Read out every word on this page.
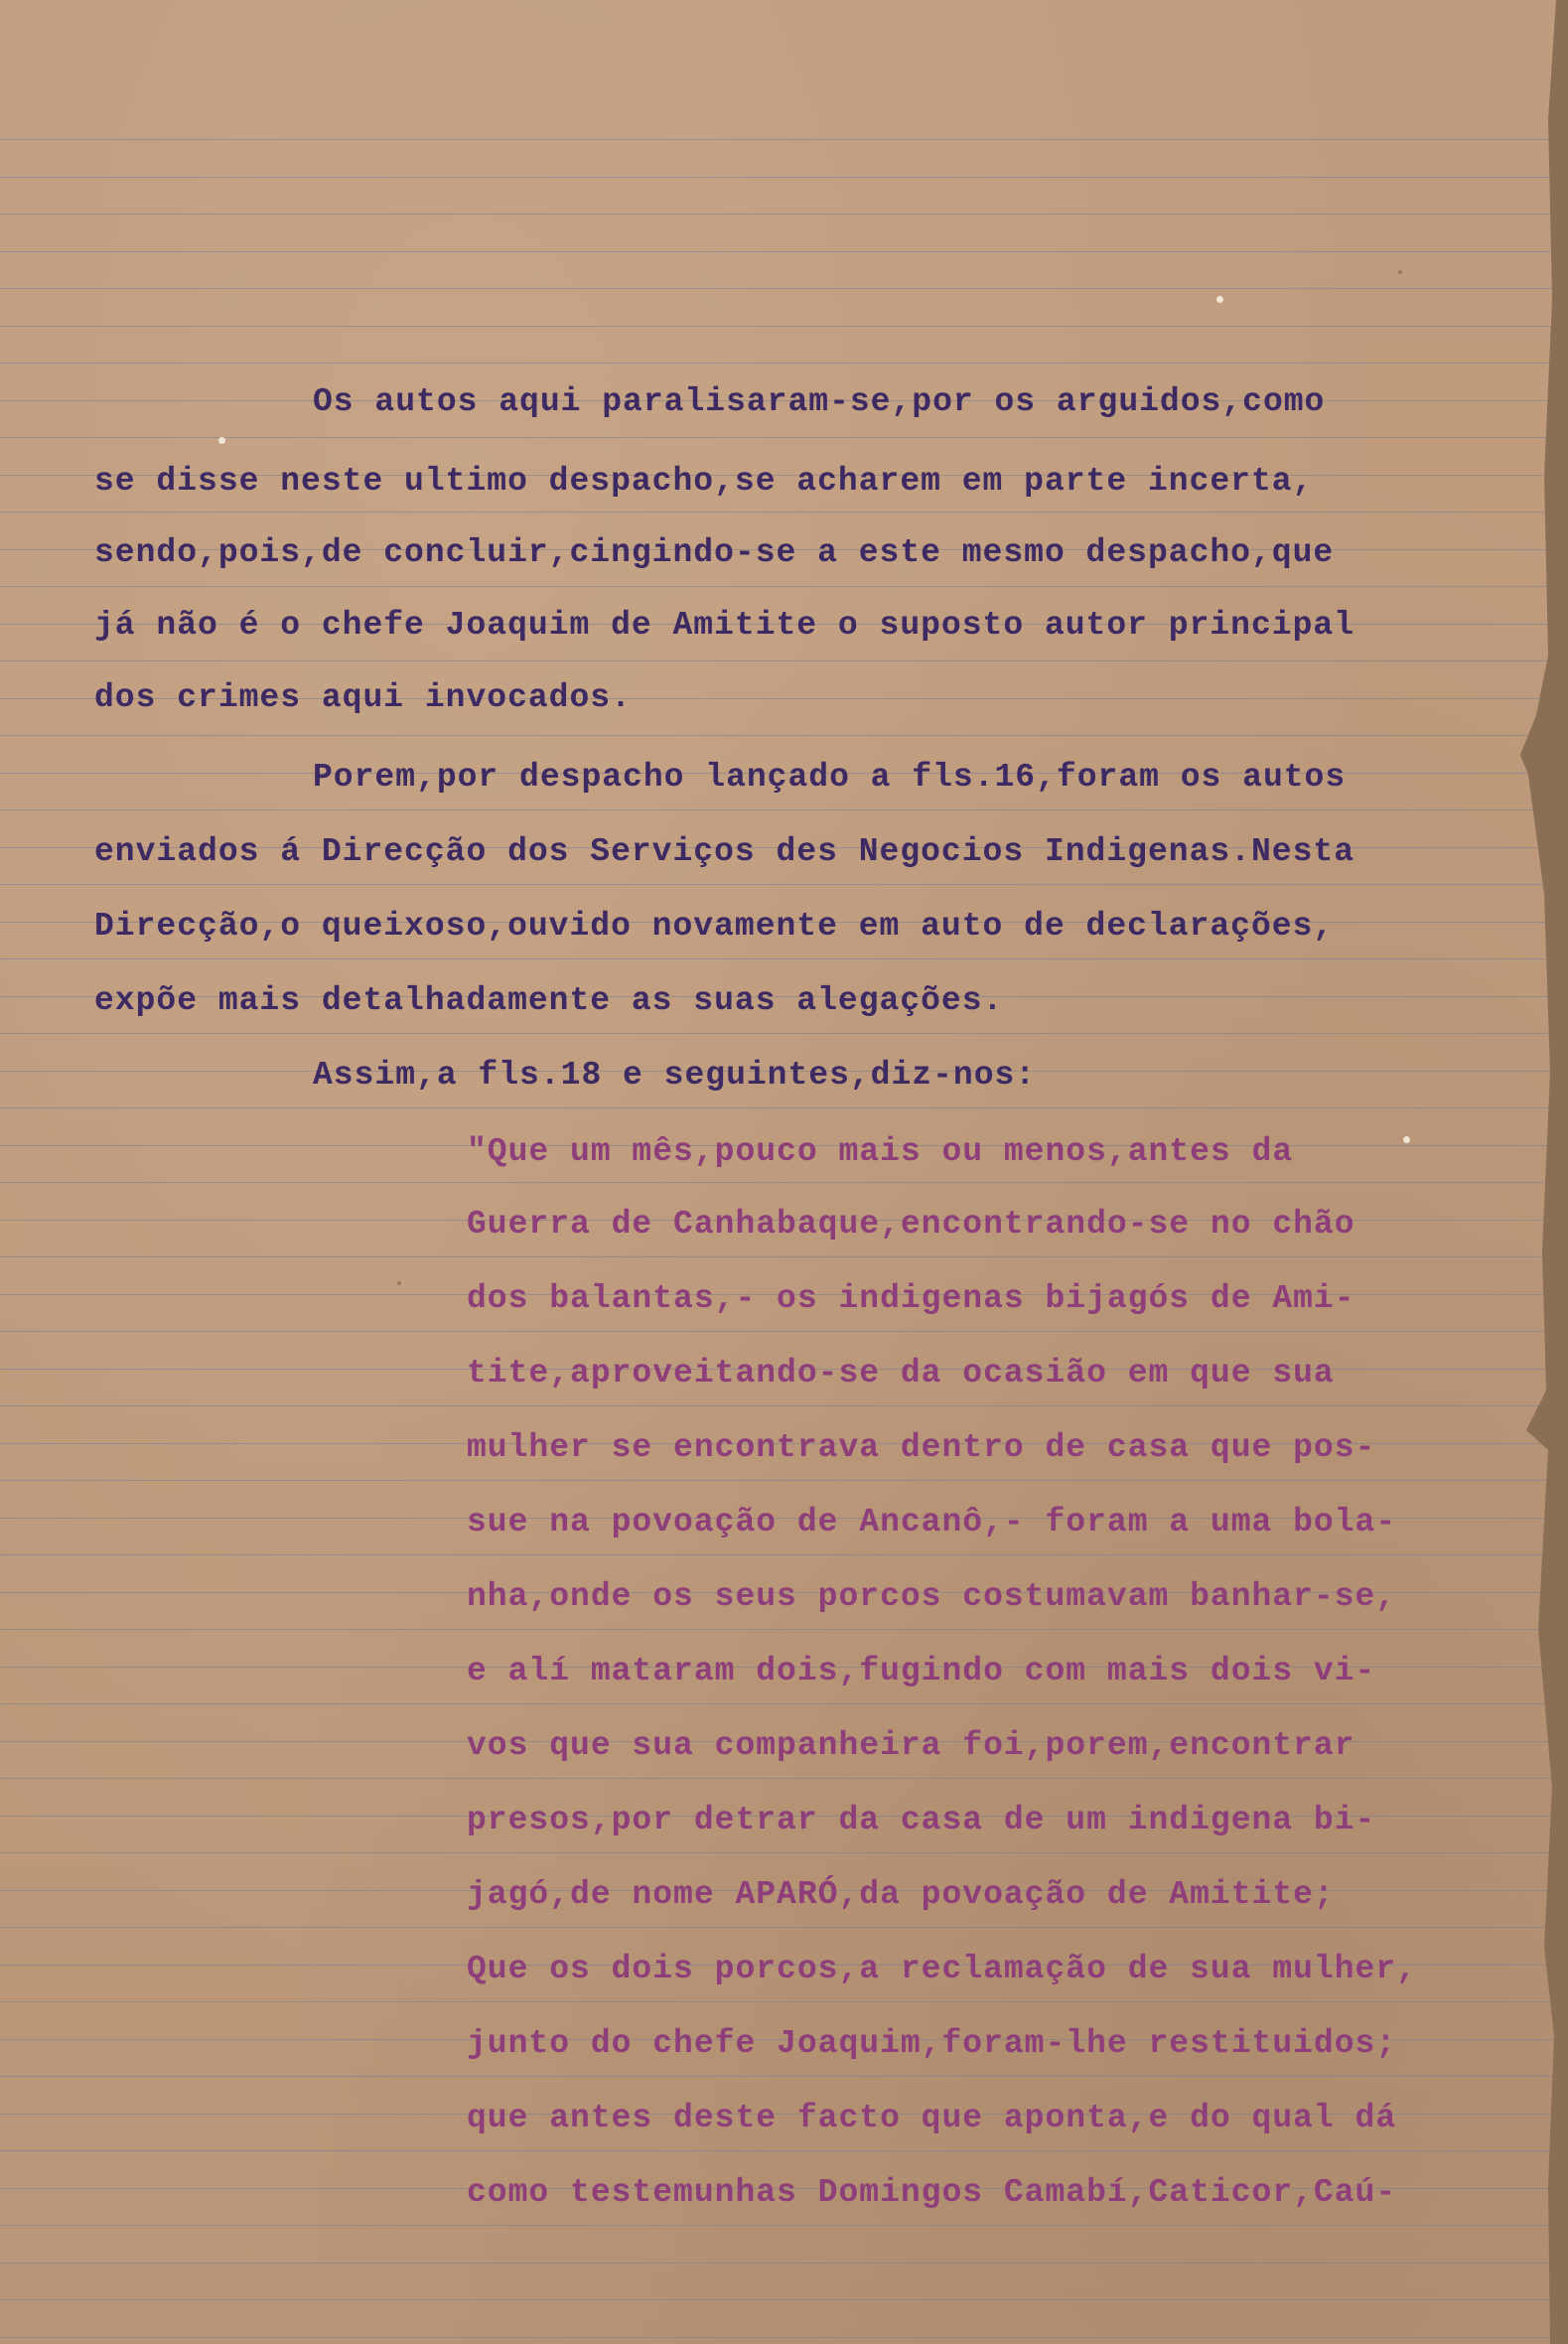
Os autos aqui paralisaram-se,por os arguidos,como
se disse neste ultimo despacho,se acharem em parte incerta,
sendo,pois,de concluir,cingindo-se a este mesmo despacho,que
já não é o chefe Joaquim de Amitite o suposto autor principal
dos crimes aqui invocados.
Porem,por despacho lançado a fls.16,foram os autos
enviados á Direcção dos Serviços des Negocios Indigenas.Nesta
Direcção,o queixoso,ouvido novamente em auto de declarações,
expõe mais detalhadamente as suas alegações.
Assim,a fls.18 e seguintes,diz-nos:
"Que um mês,pouco mais ou menos,antes da
Guerra de Canhabaque,encontrando-se no chão
dos balantas,- os indigenas bijagós de Ami-
tite,aproveitando-se da ocasião em que sua
mulher se encontrava dentro de casa que pos-
sue na povoação de Ancanô,- foram a uma bola-
nha,onde os seus porcos costumavam banhar-se,
e alí mataram dois,fugindo com mais dois vi-
vos que sua companheira foi,porem,encontrar
presos,por detrar da casa de um indigena bi-
jagó,de nome APARÓ,da povoação de Amitite;
Que os dois porcos,a reclamação de sua mulher,
junto do chefe Joaquim,foram-lhe restituidos;
que antes deste facto que aponta,e do qual dá
como testemunhas Domingos Camabí,Caticor,Caú-
